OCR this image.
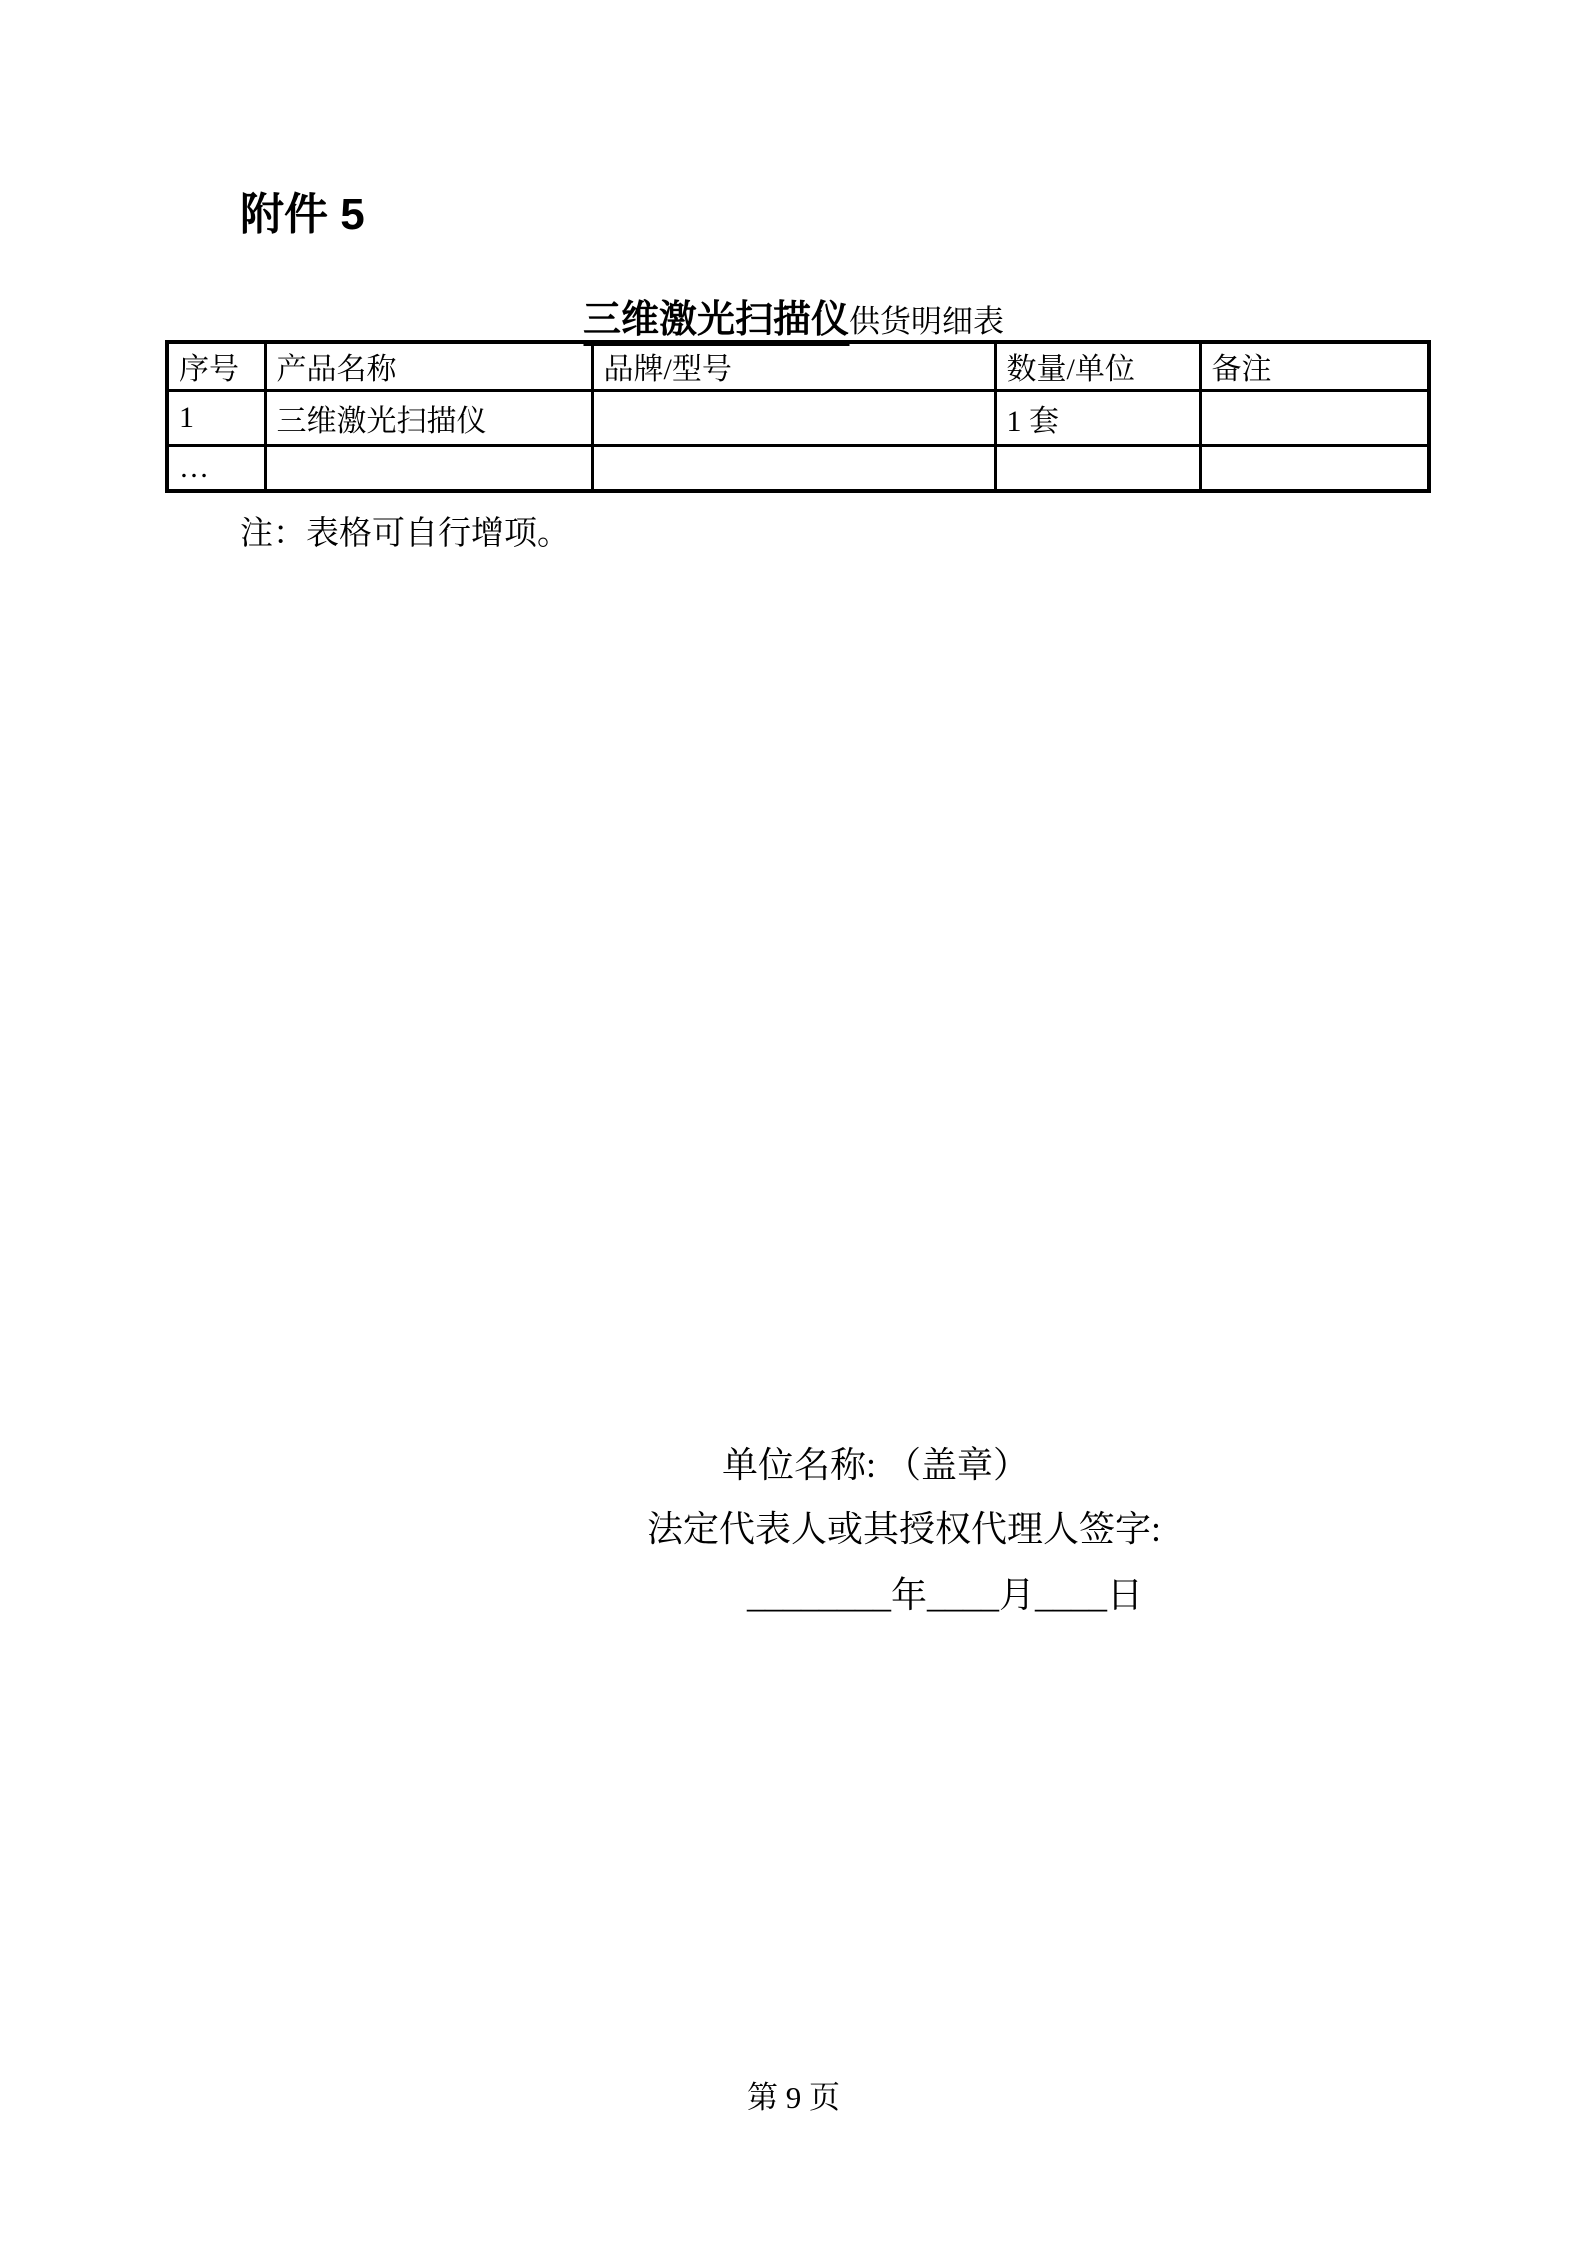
附件 5
三维激光扫描仪供货明细表
序号	产品名称	品牌/型号	数量/单位	备注
1	三维激光扫描仪		1 套	
…				
注：表格可自行增项。
单位名称: （盖章）
法定代表人或其授权代理人签字:
________年____月____日
第 9 页
